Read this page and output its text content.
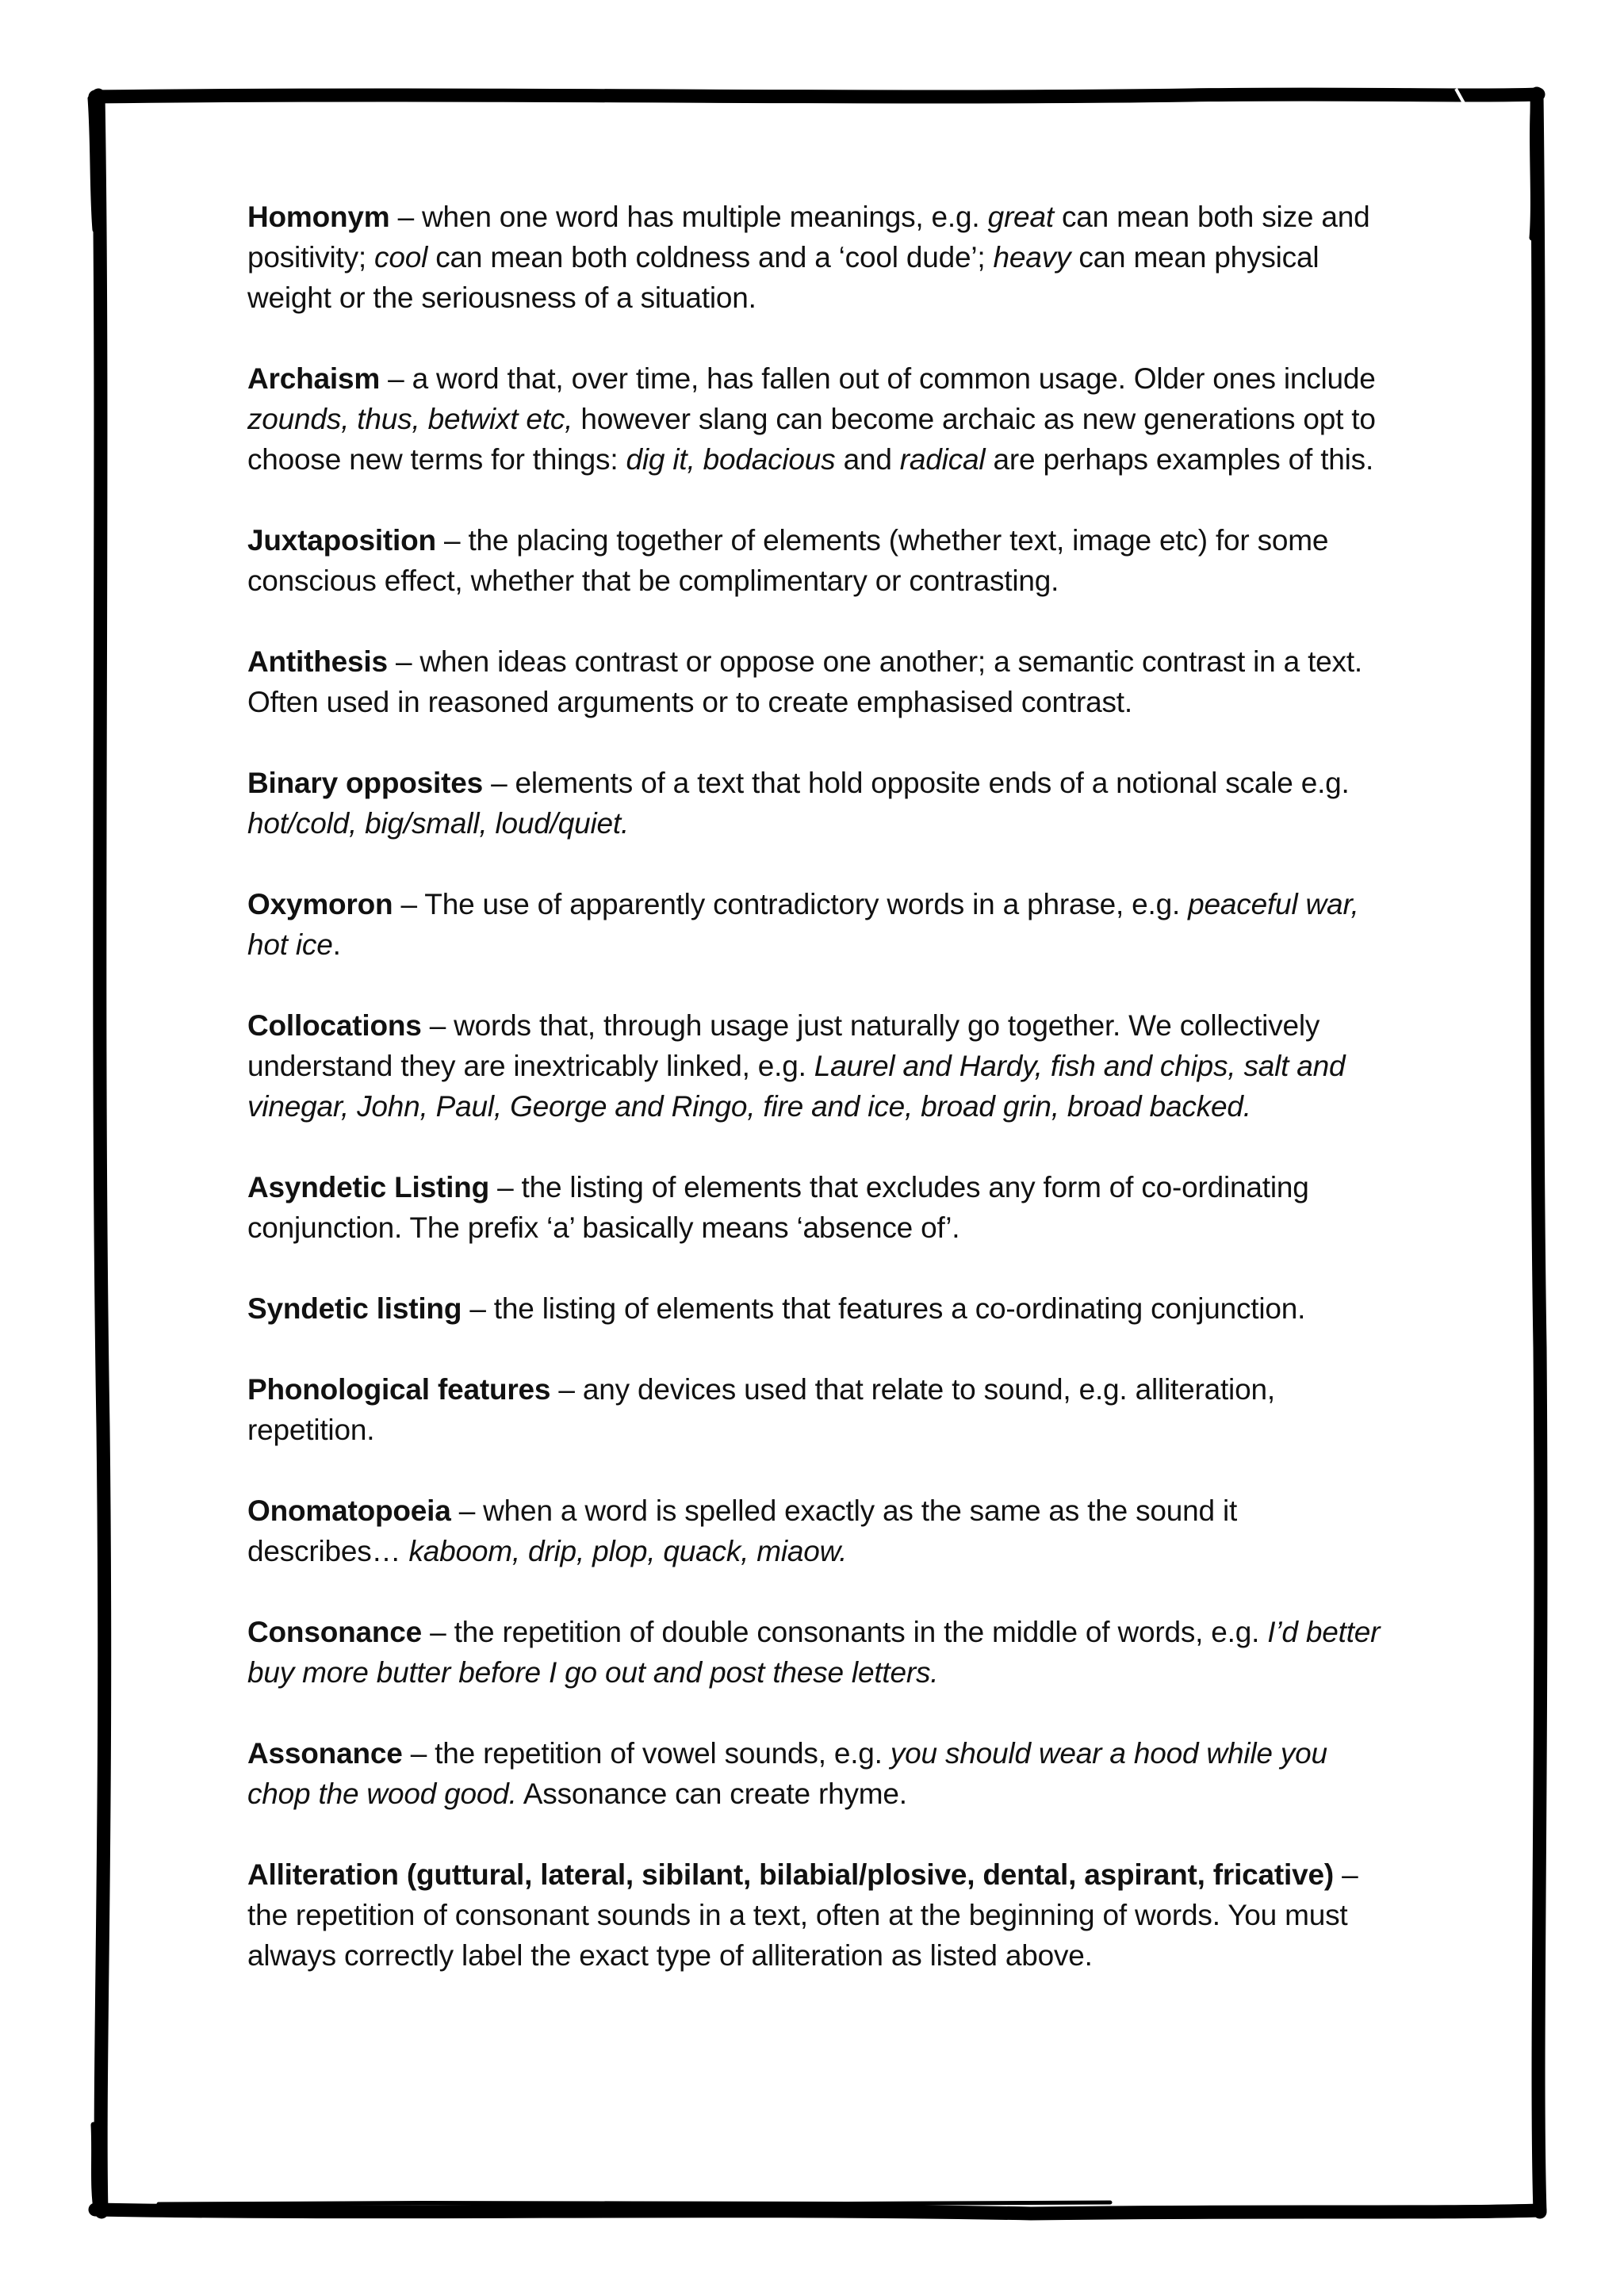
Homonym – when one word has multiple meanings, e.g. great can mean both size and positivity; cool can mean both coldness and a ‘cool dude’; heavy can mean physical weight or the seriousness of a situation.

Archaism – a word that, over time, has fallen out of common usage. Older ones include zounds, thus, betwixt etc, however slang can become archaic as new generations opt to choose new terms for things: dig it, bodacious and radical are perhaps examples of this.

Juxtaposition – the placing together of elements (whether text, image etc) for some conscious effect, whether that be complimentary or contrasting.

Antithesis – when ideas contrast or oppose one another; a semantic contrast in a text. Often used in reasoned arguments or to create emphasised contrast.

Binary opposites – elements of a text that hold opposite ends of a notional scale e.g. hot/cold, big/small, loud/quiet.

Oxymoron – The use of apparently contradictory words in a phrase, e.g. peaceful war, hot ice.

Collocations – words that, through usage just naturally go together. We collectively understand they are inextricably linked, e.g. Laurel and Hardy, fish and chips, salt and vinegar, John, Paul, George and Ringo, fire and ice, broad grin, broad backed.

Asyndetic Listing – the listing of elements that excludes any form of co-ordinating conjunction. The prefix ‘a’ basically means ‘absence of’.

Syndetic listing – the listing of elements that features a co-ordinating conjunction.

Phonological features – any devices used that relate to sound, e.g. alliteration, repetition.

Onomatopoeia – when a word is spelled exactly as the same as the sound it describes… kaboom, drip, plop, quack, miaow.

Consonance – the repetition of double consonants in the middle of words, e.g. I’d better buy more butter before I go out and post these letters.

Assonance – the repetition of vowel sounds, e.g. you should wear a hood while you chop the wood good. Assonance can create rhyme.

Alliteration (guttural, lateral, sibilant, bilabial/plosive, dental, aspirant, fricative) – the repetition of consonant sounds in a text, often at the beginning of words. You must always correctly label the exact type of alliteration as listed above.
